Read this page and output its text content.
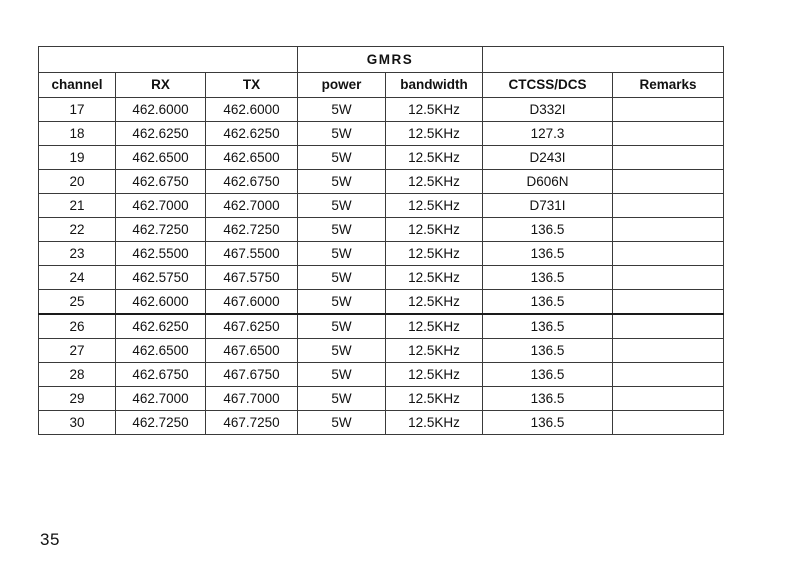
			GMRS			
channel	RX	TX	power	bandwidth	CTCSS/DCS	Remarks
17	462.6000	462.6000	5W	12.5KHz	D332I	
18	462.6250	462.6250	5W	12.5KHz	127.3	
19	462.6500	462.6500	5W	12.5KHz	D243I	
20	462.6750	462.6750	5W	12.5KHz	D606N	
21	462.7000	462.7000	5W	12.5KHz	D731I	
22	462.7250	462.7250	5W	12.5KHz	136.5	
23	462.5500	467.5500	5W	12.5KHz	136.5	
24	462.5750	467.5750	5W	12.5KHz	136.5	
25	462.6000	467.6000	5W	12.5KHz	136.5	
26	462.6250	467.6250	5W	12.5KHz	136.5	
27	462.6500	467.6500	5W	12.5KHz	136.5	
28	462.6750	467.6750	5W	12.5KHz	136.5	
29	462.7000	467.7000	5W	12.5KHz	136.5	
30	462.7250	467.7250	5W	12.5KHz	136.5	
35
